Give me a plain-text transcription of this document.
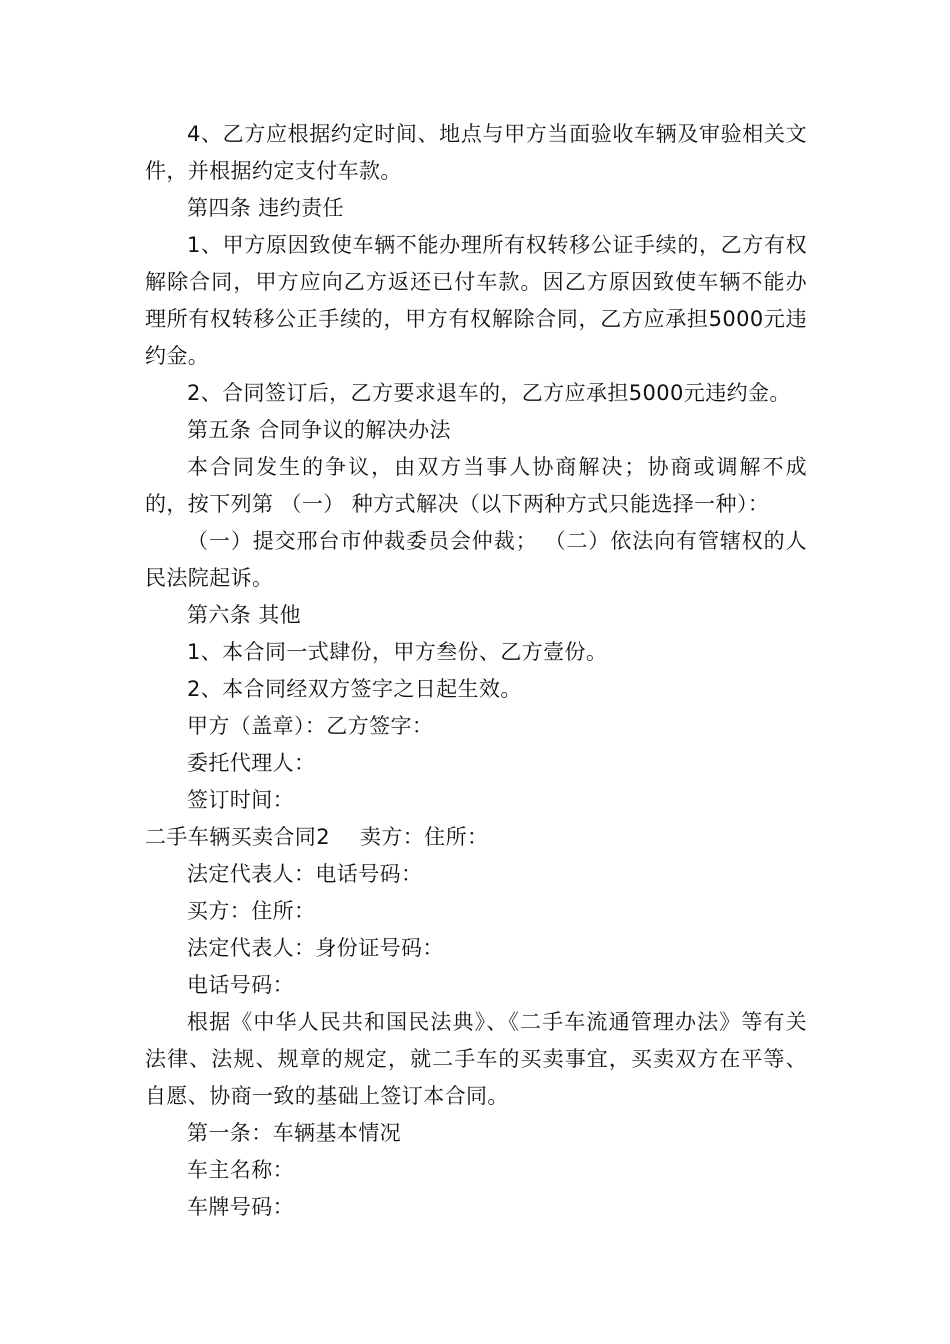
4、乙方应根据约定时间、地点与甲方当面验收车辆及审验相关文件，并根据约定支付车款。

第四条 违约责任

1、甲方原因致使车辆不能办理所有权转移公证手续的，乙方有权解除合同，甲方应向乙方返还已付车款。因乙方原因致使车辆不能办理所有权转移公正手续的，甲方有权解除合同，乙方应承担5000元违约金。

2、合同签订后，乙方要求退车的，乙方应承担5000元违约金。

第五条 合同争议的解决办法

本合同发生的争议，由双方当事人协商解决；协商或调解不成的，按下列第 （一） 种方式解决（以下两种方式只能选择一种）：

（一）提交邢台市仲裁委员会仲裁； （二）依法向有管辖权的人民法院起诉。

第六条 其他

1、本合同一式肆份，甲方叁份、乙方壹份。

2、本合同经双方签字之日起生效。

甲方（盖章）：乙方签字：

委托代理人：

签订时间：

二手车辆买卖合同2 卖方：住所：

法定代表人：电话号码：

买方：住所：

法定代表人：身份证号码：

电话号码：

根据《中华人民共和国民法典》、《二手车流通管理办法》等有关法律、法规、规章的规定，就二手车的买卖事宜，买卖双方在平等、自愿、协商一致的基础上签订本合同。

第一条：车辆基本情况

车主名称：

车牌号码：
